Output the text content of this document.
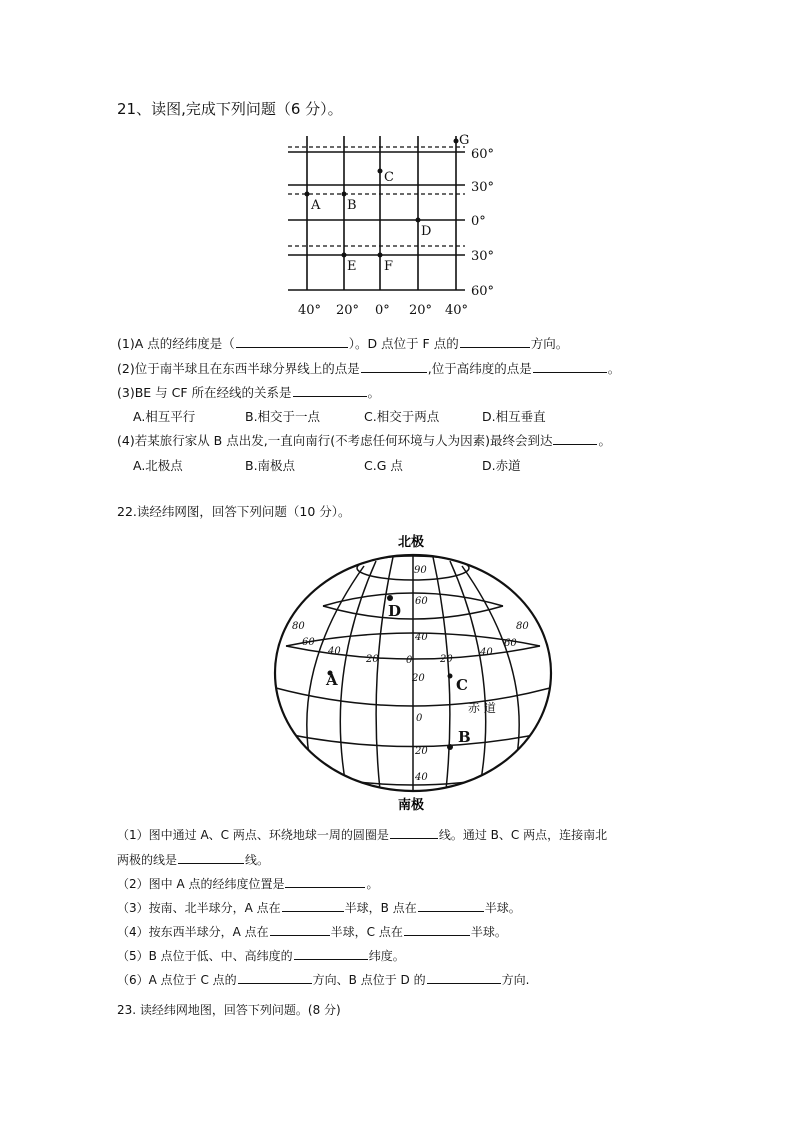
21、读图,完成下列问题（6 分）。
G
C
A B
D
E F
60°
30°
0°
30°
60°
40° 20° 0° 20° 40°
(1)A 点的经纬度是（	）。D 点位于 F 点的	方向。
(2)位于南半球且在东西半球分界线上的点是	,位于高纬度的点是	。
(3)BE 与 CF 所在经线的关系是	。
A.相互平行	B.相交于一点	C.相交于两点	D.相互垂直
(4)若某旅行家从 B 点出发,一直向南行(不考虑任何环境与人为因素)最终会到达	。
A.北极点	B.南极点	C.G 点	D.赤道
22.读经纬网图，回答下列问题（10 分）。
北极
南极
D
A	C
B
赤 道
90
60
40
20
0
20
40
80
60
40
20	0	20
40
60
80
（1）图中通过 A、C 两点、环绕地球一周的圆圈是	线。通过 B、C 两点，连接南北
两极的线是	线。
（2）图中 A 点的经纬度位置是	。
（3）按南、北半球分，A 点在	半球，B 点在	半球。
（4）按东西半球分，A 点在	半球，C 点在	半球。
（5）B 点位于低、中、高纬度的	纬度。
（6）A 点位于 C 点的	方向、B 点位于 D 的	方向.
23. 读经纬网地图，回答下列问题。(8 分)
